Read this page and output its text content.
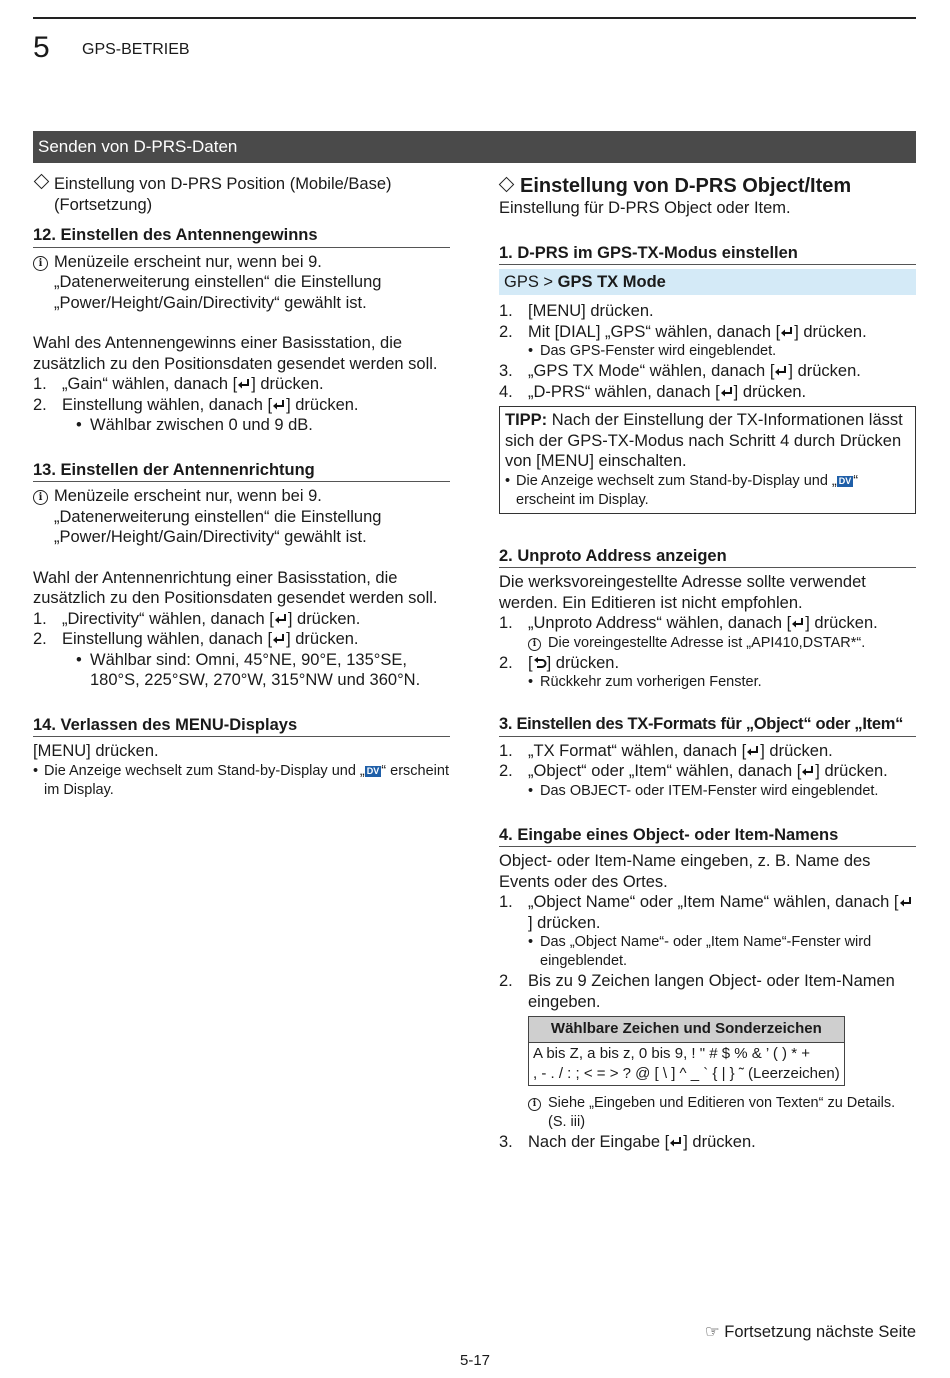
5 GPS-BETRIEB
Senden von D-PRS-Daten
Einstellung von D-PRS Position (Mobile/Base) (Fortsetzung)
12. Einstellen des Antennengewinns
i Menüzeile erscheint nur, wenn bei 9. „Datenerweiterung einstellen“ die Einstellung „Power/Height/Gain/Directivity“ gewählt ist.

Wahl des Antennengewinns einer Basisstation, die zusätzlich zu den Positionsdaten gesendet werden soll.

1. „Gain“ wählen, danach [ ] drücken.
2. Einstellung wählen, danach [ ] drücken.
• Wählbar zwischen 0 und 9 dB.
13. Einstellen der Antennenrichtung
i Menüzeile erscheint nur, wenn bei 9. „Datenerweiterung einstellen“ die Einstellung „Power/Height/Gain/Directivity“ gewählt ist.

Wahl der Antennenrichtung einer Basisstation, die zusätzlich zu den Positionsdaten gesendet werden soll.

1. „Directivity“ wählen, danach [ ] drücken.
2. Einstellung wählen, danach [ ] drücken.
• Wählbar sind: Omni, 45°NE, 90°E, 135°SE, 180°S, 225°SW, 270°W, 315°NW und 360°N.
14. Verlassen des MENU-Displays

[MENU] drücken.

• Die Anzeige wechselt zum Stand-by-Display und „ DV “ erscheint im Display.
Einstellung von D-PRS Object/Item

Einstellung für D-PRS Object oder Item.

1. D-PRS im GPS-TX-Modus einstellen
GPS > GPS TX Mode
1. [MENU] drücken.
2. Mit [DIAL] „GPS“ wählen, danach [ ] drücken.
• Das GPS-Fenster wird eingeblendet.
3. „GPS TX Mode“ wählen, danach [ ] drücken.
4. „D-PRS“ wählen, danach [ ] drücken.
TIPP: Nach der Einstellung der TX-Informationen lässt sich der GPS-TX-Modus nach Schritt 4 durch Drücken von [MENU] einschalten.
• Die Anzeige wechselt zum Stand-by-Display und „ DV “ erscheint im Display.
2. Unproto Address anzeigen

Die werksvoreingestellte Adresse sollte verwendet werden. Ein Editieren ist nicht empfohlen.

1. „Unproto Address“ wählen, danach [ ] drücken.
i Die voreingestellte Adresse ist „API410,DSTAR*“.
2. [ ] drücken.
• Rückkehr zum vorherigen Fenster.
3. Einstellen des TX-Formats für „Object“ oder „Item“
1. „TX Format“ wählen, danach [ ] drücken.
2. „Object“ oder „Item“ wählen, danach [ ] drücken.
• Das OBJECT- oder ITEM-Fenster wird eingeblendet.
4. Eingabe eines Object- oder Item-Namens

Object- oder Item-Name eingeben, z. B. Name des Events oder des Ortes.

1. „Object Name“ oder „Item Name“ wählen, danach [] drücken.
• Das „Object Name“- oder „Item Name“-Fenster wird eingeblendet.
2. Bis zu 9 Zeichen langen Object- oder Item-Namen eingeben.
Wählbare Zeichen und Sonderzeichen

A bis Z, a bis z, 0 bis 9, ! " # $ % & ’ ( ) * +
, - . / : ; < = > ? @ [ \ ] ^ _ ` { | } ˜ (Leerzeichen)
i Siehe „Eingeben und Editieren von Texten“ zu Details. (S. iii)
3. Nach der Eingabe [ ] drücken.
☞ Fortsetzung nächste Seite
5-17
